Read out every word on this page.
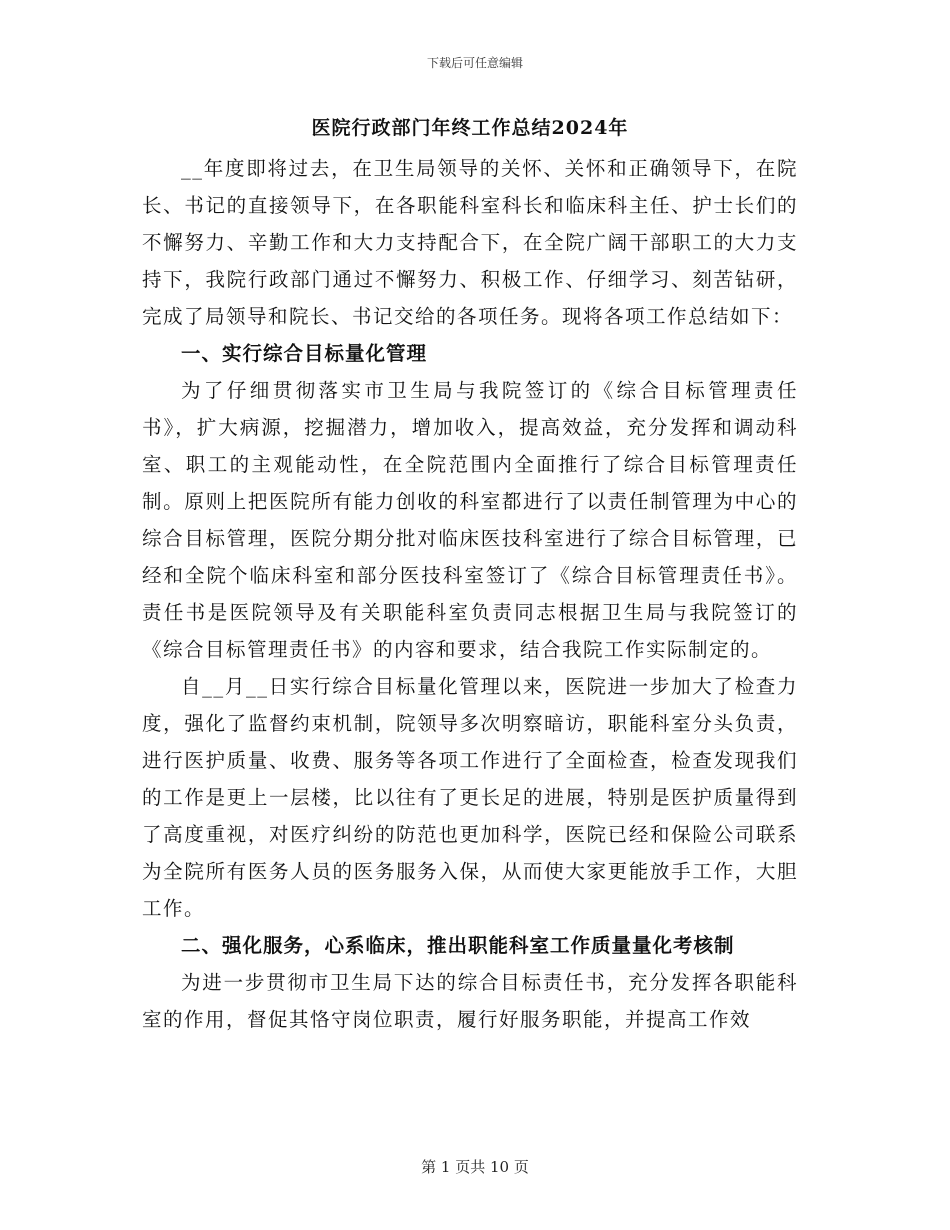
下载后可任意编辑
医院行政部门年终工作总结2024年

__年度即将过去，在卫生局领导的关怀、关怀和正确领导下，在院长、书记的直接领导下，在各职能科室科长和临床科主任、护士长们的不懈努力、辛勤工作和大力支持配合下，在全院广阔干部职工的大力支持下，我院行政部门通过不懈努力、积极工作、仔细学习、刻苦钻研，完成了局领导和院长、书记交给的各项任务。现将各项工作总结如下：

一、实行综合目标量化管理

为了仔细贯彻落实市卫生局与我院签订的《综合目标管理责任书》，扩大病源，挖掘潜力，增加收入，提高效益，充分发挥和调动科室、职工的主观能动性，在全院范围内全面推行了综合目标管理责任制。原则上把医院所有能力创收的科室都进行了以责任制管理为中心的综合目标管理，医院分期分批对临床医技科室进行了综合目标管理，已经和全院个临床科室和部分医技科室签订了《综合目标管理责任书》。责任书是医院领导及有关职能科室负责同志根据卫生局与我院签订的《综合目标管理责任书》的内容和要求，结合我院工作实际制定的。

自__月__日实行综合目标量化管理以来，医院进一步加大了检查力度，强化了监督约束机制，院领导多次明察暗访，职能科室分头负责，进行医护质量、收费、服务等各项工作进行了全面检查，检查发现我们的工作是更上一层楼，比以往有了更长足的进展，特别是医护质量得到了高度重视，对医疗纠纷的防范也更加科学，医院已经和保险公司联系为全院所有医务人员的医务服务入保，从而使大家更能放手工作，大胆工作。

二、强化服务，心系临床，推出职能科室工作质量量化考核制

为进一步贯彻市卫生局下达的综合目标责任书，充分发挥各职能科室的作用，督促其恪守岗位职责，履行好服务职能，并提高工作效

第 1 页共 10 页
